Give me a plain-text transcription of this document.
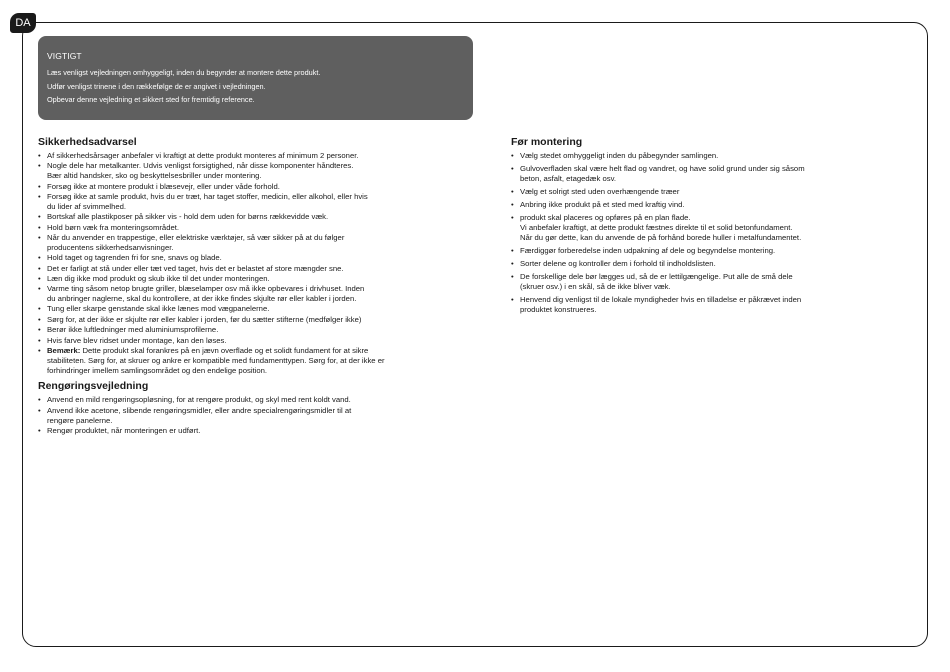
DA
VIGTIGT
Læs venligst vejledningen omhyggeligt, inden du begynder at montere dette produkt.
Udfør venligst trinene i den rækkefølge de er angivet i vejledningen.
Opbevar denne vejledning et sikkert sted for fremtidig reference.
Sikkerhedsadvarsel
• Af sikkerhedsårsager anbefaler vi kraftigt at dette produkt monteres af minimum 2 personer.
• Nogle dele har metalkanter. Udvis venligst forsigtighed, når disse komponenter håndteres.
Bær altid handsker, sko og beskyttelsesbriller under montering.
• Forsøg ikke at montere produkt i blæsevejr, eller under våde forhold.
• Forsøg ikke at samle produkt, hvis du er træt, har taget stoffer, medicin, eller alkohol, eller hvis
du lider af svimmelhed.
• Bortskaf alle plastikposer på sikker vis - hold dem uden for børns rækkevidde væk.
• Hold børn væk fra monteringsområdet.
• Når du anvender en trappestige, eller elektriske værktøjer, så vær sikker på at du følger
producentens sikkerhedsanvisninger.
• Hold taget og tagrenden fri for sne, snavs og blade.
• Det er farligt at stå under eller tæt ved taget, hvis det er belastet af store mængder sne.
• Læn dig ikke mod produkt og skub ikke til det under monteringen.
• Varme ting såsom netop brugte griller, blæselamper osv må ikke opbevares i drivhuset. Inden
du anbringer naglerne, skal du kontrollere, at der ikke findes skjulte rør eller kabler i jorden.
• Tung eller skarpe genstande skal ikke lænes mod vægpanelerne.
• Sørg for, at der ikke er skjulte rør eller kabler i jorden, før du sætter stifterne (medfølger ikke)
• Berør ikke luftledninger med aluminiumsprofilerne.
• Hvis farve blev ridset under montage, kan den løses.
• Bemærk: Dette produkt skal forankres på en jævn overflade og et solidt fundament for at sikre
stabiliteten. Sørg for, at skruer og ankre er kompatible med fundamenttypen. Sørg for, at der ikke er
forhindringer imellem samlingsområdet og den endelige position.
Rengøringsvejledning
• Anvend en mild rengøringsopløsning, for at rengøre produkt, og skyl med rent koldt vand.
• Anvend ikke acetone, slibende rengøringsmidler, eller andre specialrengøringsmidler til at
rengøre panelerne.
• Rengør produktet, når monteringen er udført.
Før montering
• Vælg stedet omhyggeligt inden du påbegynder samlingen.
• Gulvoverfladen skal være helt flad og vandret, og have solid grund under sig såsom
beton, asfalt, etagedæk osv.
• Vælg et solrigt sted uden overhængende træer
• Anbring ikke produkt på et sted med kraftig vind.
• produkt skal placeres og opføres på en plan flade.
Vi anbefaler kraftigt, at dette produkt fæstnes direkte til et solid betonfundament.
Når du gør dette, kan du anvende de på forhånd borede huller i metalfundamentet.
• Færdiggør forberedelse inden udpakning af dele og begyndelse montering.
• Sorter delene og kontroller dem i forhold til indholdslisten.
• De forskellige dele bør lægges ud, så de er lettilgængelige. Put alle de små dele
(skruer osv.) i en skål, så de ikke bliver væk.
• Henvend dig venligst til de lokale myndigheder hvis en tilladelse er påkrævet inden
produktet konstrueres.
